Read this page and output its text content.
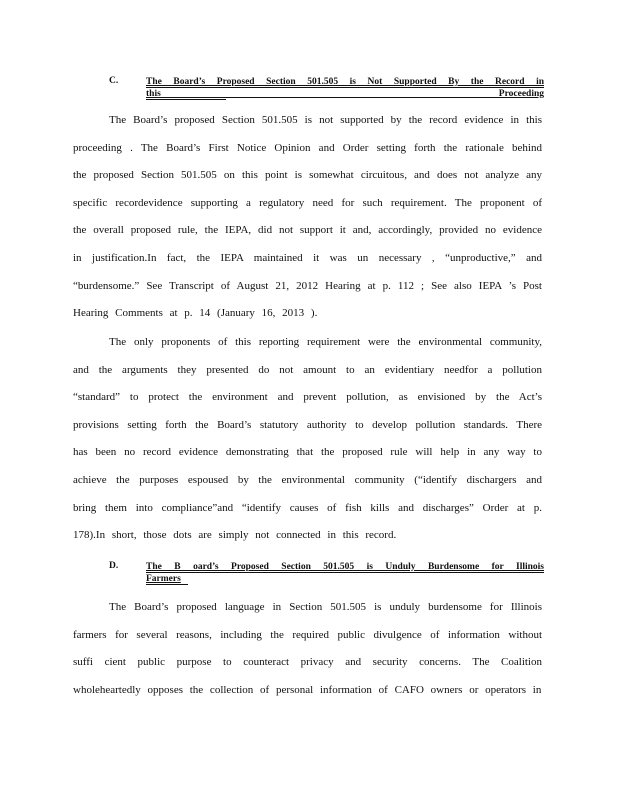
C.	The Board’s Proposed Section 501.505 is Not Supported By the Record in
this Proceeding

The Board’s proposed Section 501.505 is not supported by the record evidence in this proceeding . The Board’s First Notice Opinion and Order setting forth the rationale behind the proposed Section 501.505 on this point is somewhat circuitous, and does not analyze any specific recordevidence supporting a regulatory need for such requirement. The proponent of the overall proposed rule, the IEPA, did not support it and, accordingly, provided no evidence in justification.In fact, the IEPA maintained it was un necessary , “unproductive,” and “burdensome.” See Transcript of August 21, 2012 Hearing at p. 112 ; See also IEPA ’s Post Hearing Comments at p. 14 (January 16, 2013 ).

The only proponents of this reporting requirement were the environmental community, and the arguments they presented do not amount to an evidentiary needfor a pollution “standard” to protect the environment and prevent pollution, as envisioned by the Act’s provisions setting forth the Board’s statutory authority to develop pollution standards. There has been no record evidence demonstrating that the proposed rule will help in any way to achieve the purposes espoused by the environmental community (“identify dischargers and bring them into compliance”and “identify causes of fish kills and discharges” Order at p. 178).In short, those dots are simply not connected in this record.

D.	The B oard’s Proposed Section 501.505 is Unduly Burdensome for Illinois
Farmers

The Board’s proposed language in Section 501.505 is unduly burdensome for Illinois farmers for several reasons, including the required public divulgence of information without suffi cient public purpose to counteract privacy and security concerns. The Coalition wholeheartedly opposes the collection of personal information of CAFO owners or operators in
